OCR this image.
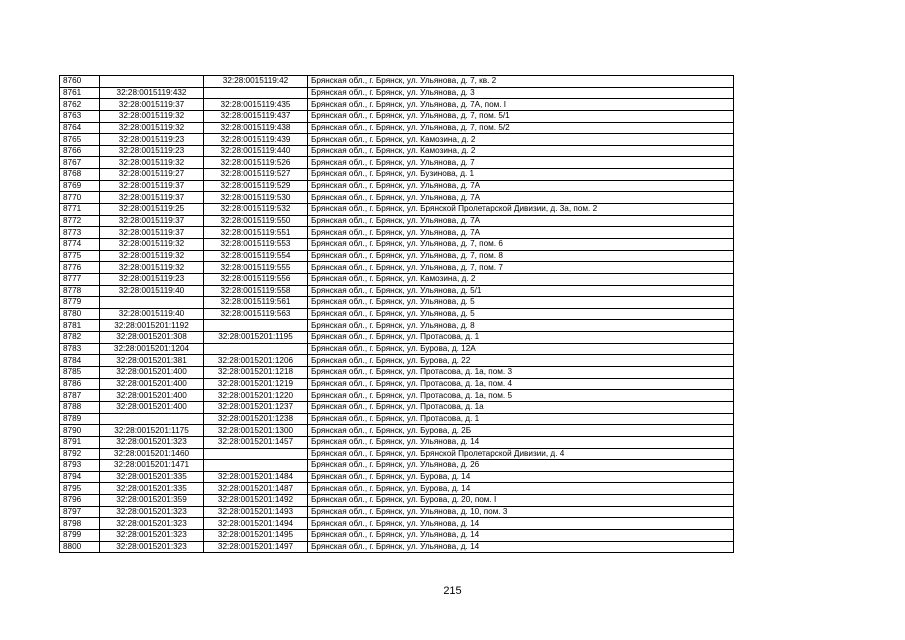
8760		32:28:0015119:42	Брянская обл., г. Брянск, ул. Ульянова, д. 7, кв. 2
8761	32:28:0015119:432		Брянская обл., г. Брянск, ул. Ульянова, д. 3
8762	32:28:0015119:37	32:28:0015119:435	Брянская обл., г. Брянск, ул. Ульянова, д. 7А, пом. I
8763	32:28:0015119:32	32:28:0015119:437	Брянская обл., г. Брянск, ул. Ульянова, д. 7, пом. 5/1
8764	32:28:0015119:32	32:28:0015119:438	Брянская обл., г. Брянск, ул. Ульянова, д. 7, пом. 5/2
8765	32:28:0015119:23	32:28:0015119:439	Брянская обл., г. Брянск, ул. Камозина, д. 2
8766	32:28:0015119:23	32:28:0015119:440	Брянская обл., г. Брянск, ул. Камозина, д. 2
8767	32:28:0015119:32	32:28:0015119:526	Брянская обл., г. Брянск, ул. Ульянова, д. 7
8768	32:28:0015119:27	32:28:0015119:527	Брянская обл., г. Брянск, ул. Бузинова, д. 1
8769	32:28:0015119:37	32:28:0015119:529	Брянская обл., г. Брянск, ул. Ульянова, д. 7А
8770	32:28:0015119:37	32:28:0015119:530	Брянская обл., г. Брянск, ул. Ульянова, д. 7А
8771	32:28:0015119:25	32:28:0015119:532	Брянская обл., г. Брянск, ул. Брянской Пролетарской Дивизии, д. 3а, пом. 2
8772	32:28:0015119:37	32:28:0015119:550	Брянская обл., г. Брянск, ул. Ульянова, д. 7А
8773	32:28:0015119:37	32:28:0015119:551	Брянская обл., г. Брянск, ул. Ульянова, д. 7А
8774	32:28:0015119:32	32:28:0015119:553	Брянская обл., г. Брянск, ул. Ульянова, д. 7, пом. 6
8775	32:28:0015119:32	32:28:0015119:554	Брянская обл., г. Брянск, ул. Ульянова, д. 7, пом. 8
8776	32:28:0015119:32	32:28:0015119:555	Брянская обл., г. Брянск, ул. Ульянова, д. 7, пом. 7
8777	32:28:0015119:23	32:28:0015119:556	Брянская обл., г. Брянск, ул. Камозина, д. 2
8778	32:28:0015119:40	32:28:0015119:558	Брянская обл., г. Брянск, ул. Ульянова, д. 5/1
8779		32:28:0015119:561	Брянская обл., г. Брянск, ул. Ульянова, д. 5
8780	32:28:0015119:40	32:28:0015119:563	Брянская обл., г. Брянск, ул. Ульянова, д. 5
8781	32:28:0015201:1192		Брянская обл., г. Брянск, ул. Ульянова, д. 8
8782	32:28:0015201:308	32:28:0015201:1195	Брянская обл., г. Брянск, ул. Протасова, д. 1
8783	32:28:0015201:1204		Брянская обл., г. Брянск, ул. Бурова, д. 12А
8784	32:28:0015201:381	32:28:0015201:1206	Брянская обл., г. Брянск, ул. Бурова, д. 22
8785	32:28:0015201:400	32:28:0015201:1218	Брянская обл., г. Брянск, ул. Протасова, д. 1а, пом. 3
8786	32:28:0015201:400	32:28:0015201:1219	Брянская обл., г. Брянск, ул. Протасова, д. 1а, пом. 4
8787	32:28:0015201:400	32:28:0015201:1220	Брянская обл., г. Брянск, ул. Протасова, д. 1а, пом. 5
8788	32:28:0015201:400	32:28:0015201:1237	Брянская обл., г. Брянск, ул. Протасова, д. 1а
8789		32:28:0015201:1238	Брянская обл., г. Брянск, ул. Протасова, д. 1
8790	32:28:0015201:1175	32:28:0015201:1300	Брянская обл., г. Брянск, ул. Бурова, д. 2Б
8791	32:28:0015201:323	32:28:0015201:1457	Брянская обл., г. Брянск, ул. Ульянова, д. 14
8792	32:28:0015201:1460		Брянская обл., г. Брянск, ул. Брянской Пролетарской Дивизии, д. 4
8793	32:28:0015201:1471		Брянская обл., г. Брянск, ул. Ульянова, д. 26
8794	32:28:0015201:335	32:28:0015201:1484	Брянская обл., г. Брянск, ул. Бурова, д. 14
8795	32:28:0015201:335	32:28:0015201:1487	Брянская обл., г. Брянск, ул. Бурова, д. 14
8796	32:28:0015201:359	32:28:0015201:1492	Брянская обл., г. Брянск, ул. Бурова, д. 20, пом. I
8797	32:28:0015201:323	32:28:0015201:1493	Брянская обл., г. Брянск, ул. Ульянова, д. 10, пом. 3
8798	32:28:0015201:323	32:28:0015201:1494	Брянская обл., г. Брянск, ул. Ульянова, д. 14
8799	32:28:0015201:323	32:28:0015201:1495	Брянская обл., г. Брянск, ул. Ульянова, д. 14
8800	32:28:0015201:323	32:28:0015201:1497	Брянская обл., г. Брянск, ул. Ульянова, д. 14
215
